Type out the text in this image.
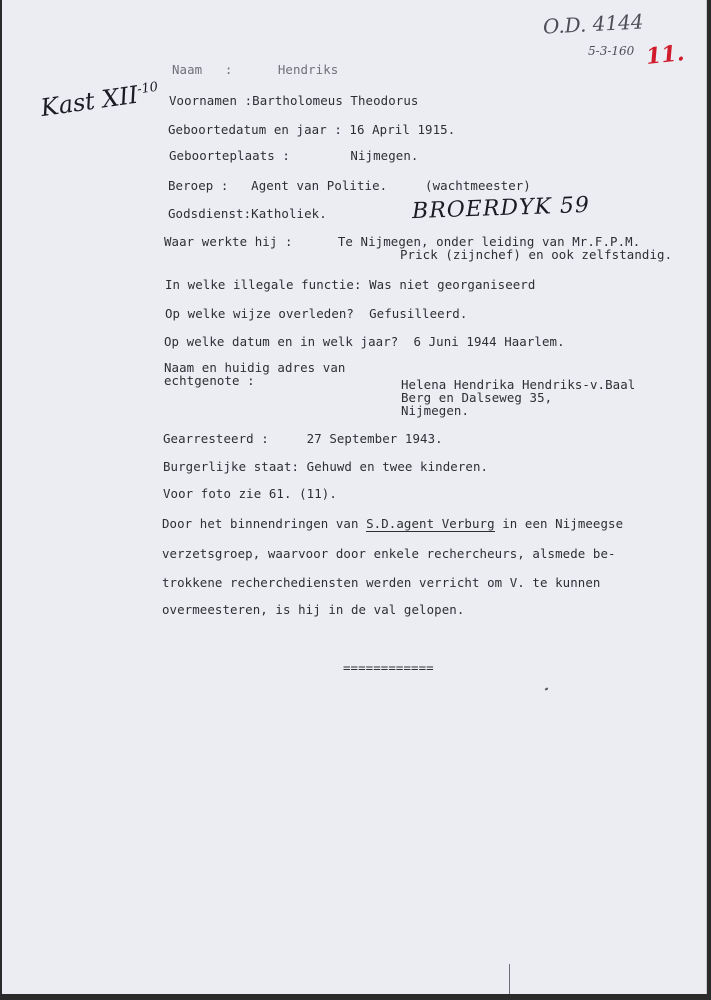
Kast $XII^{-10}$

O.D. 4144
5-3-160 11.
BROERDYK 59
Naam   :      Hendriks
Voornamen :Bartholomeus Theodorus
Geboortedatum en jaar : 16 April 1915.
Geboorteplaats :        Nijmegen.
Beroep :   Agent van Politie.     (wachtmeester)
Godsdienst:Katholiek.
Waar werkte hij :      Te Nijmegen, onder leiding van Mr.F.P.M.
Prick (zijnchef) en ook zelfstandig.
In welke illegale functie: Was niet georganiseerd
Op welke wijze overleden?  Gefusilleerd.
Op welke datum en in welk jaar?  6 Juni 1944 Haarlem.
Naam en huidig adres van
echtgenote :	Helena Hendrika Hendriks-v.Baal
Berg en Dalseweg 35,
Nijmegen.
Gearresteerd :     27 September 1943.
Burgerlijke staat: Gehuwd en twee kinderen.
Voor foto zie 61. (11).
Door het binnendringen van S.D.agent Verburg in een Nijmeegse
verzetsgroep, waarvoor door enkele rechercheurs, alsmede be-
trokkene recherchediensten werden verricht om V. te kunnen
overmeesteren, is hij in de val gelopen.
============
